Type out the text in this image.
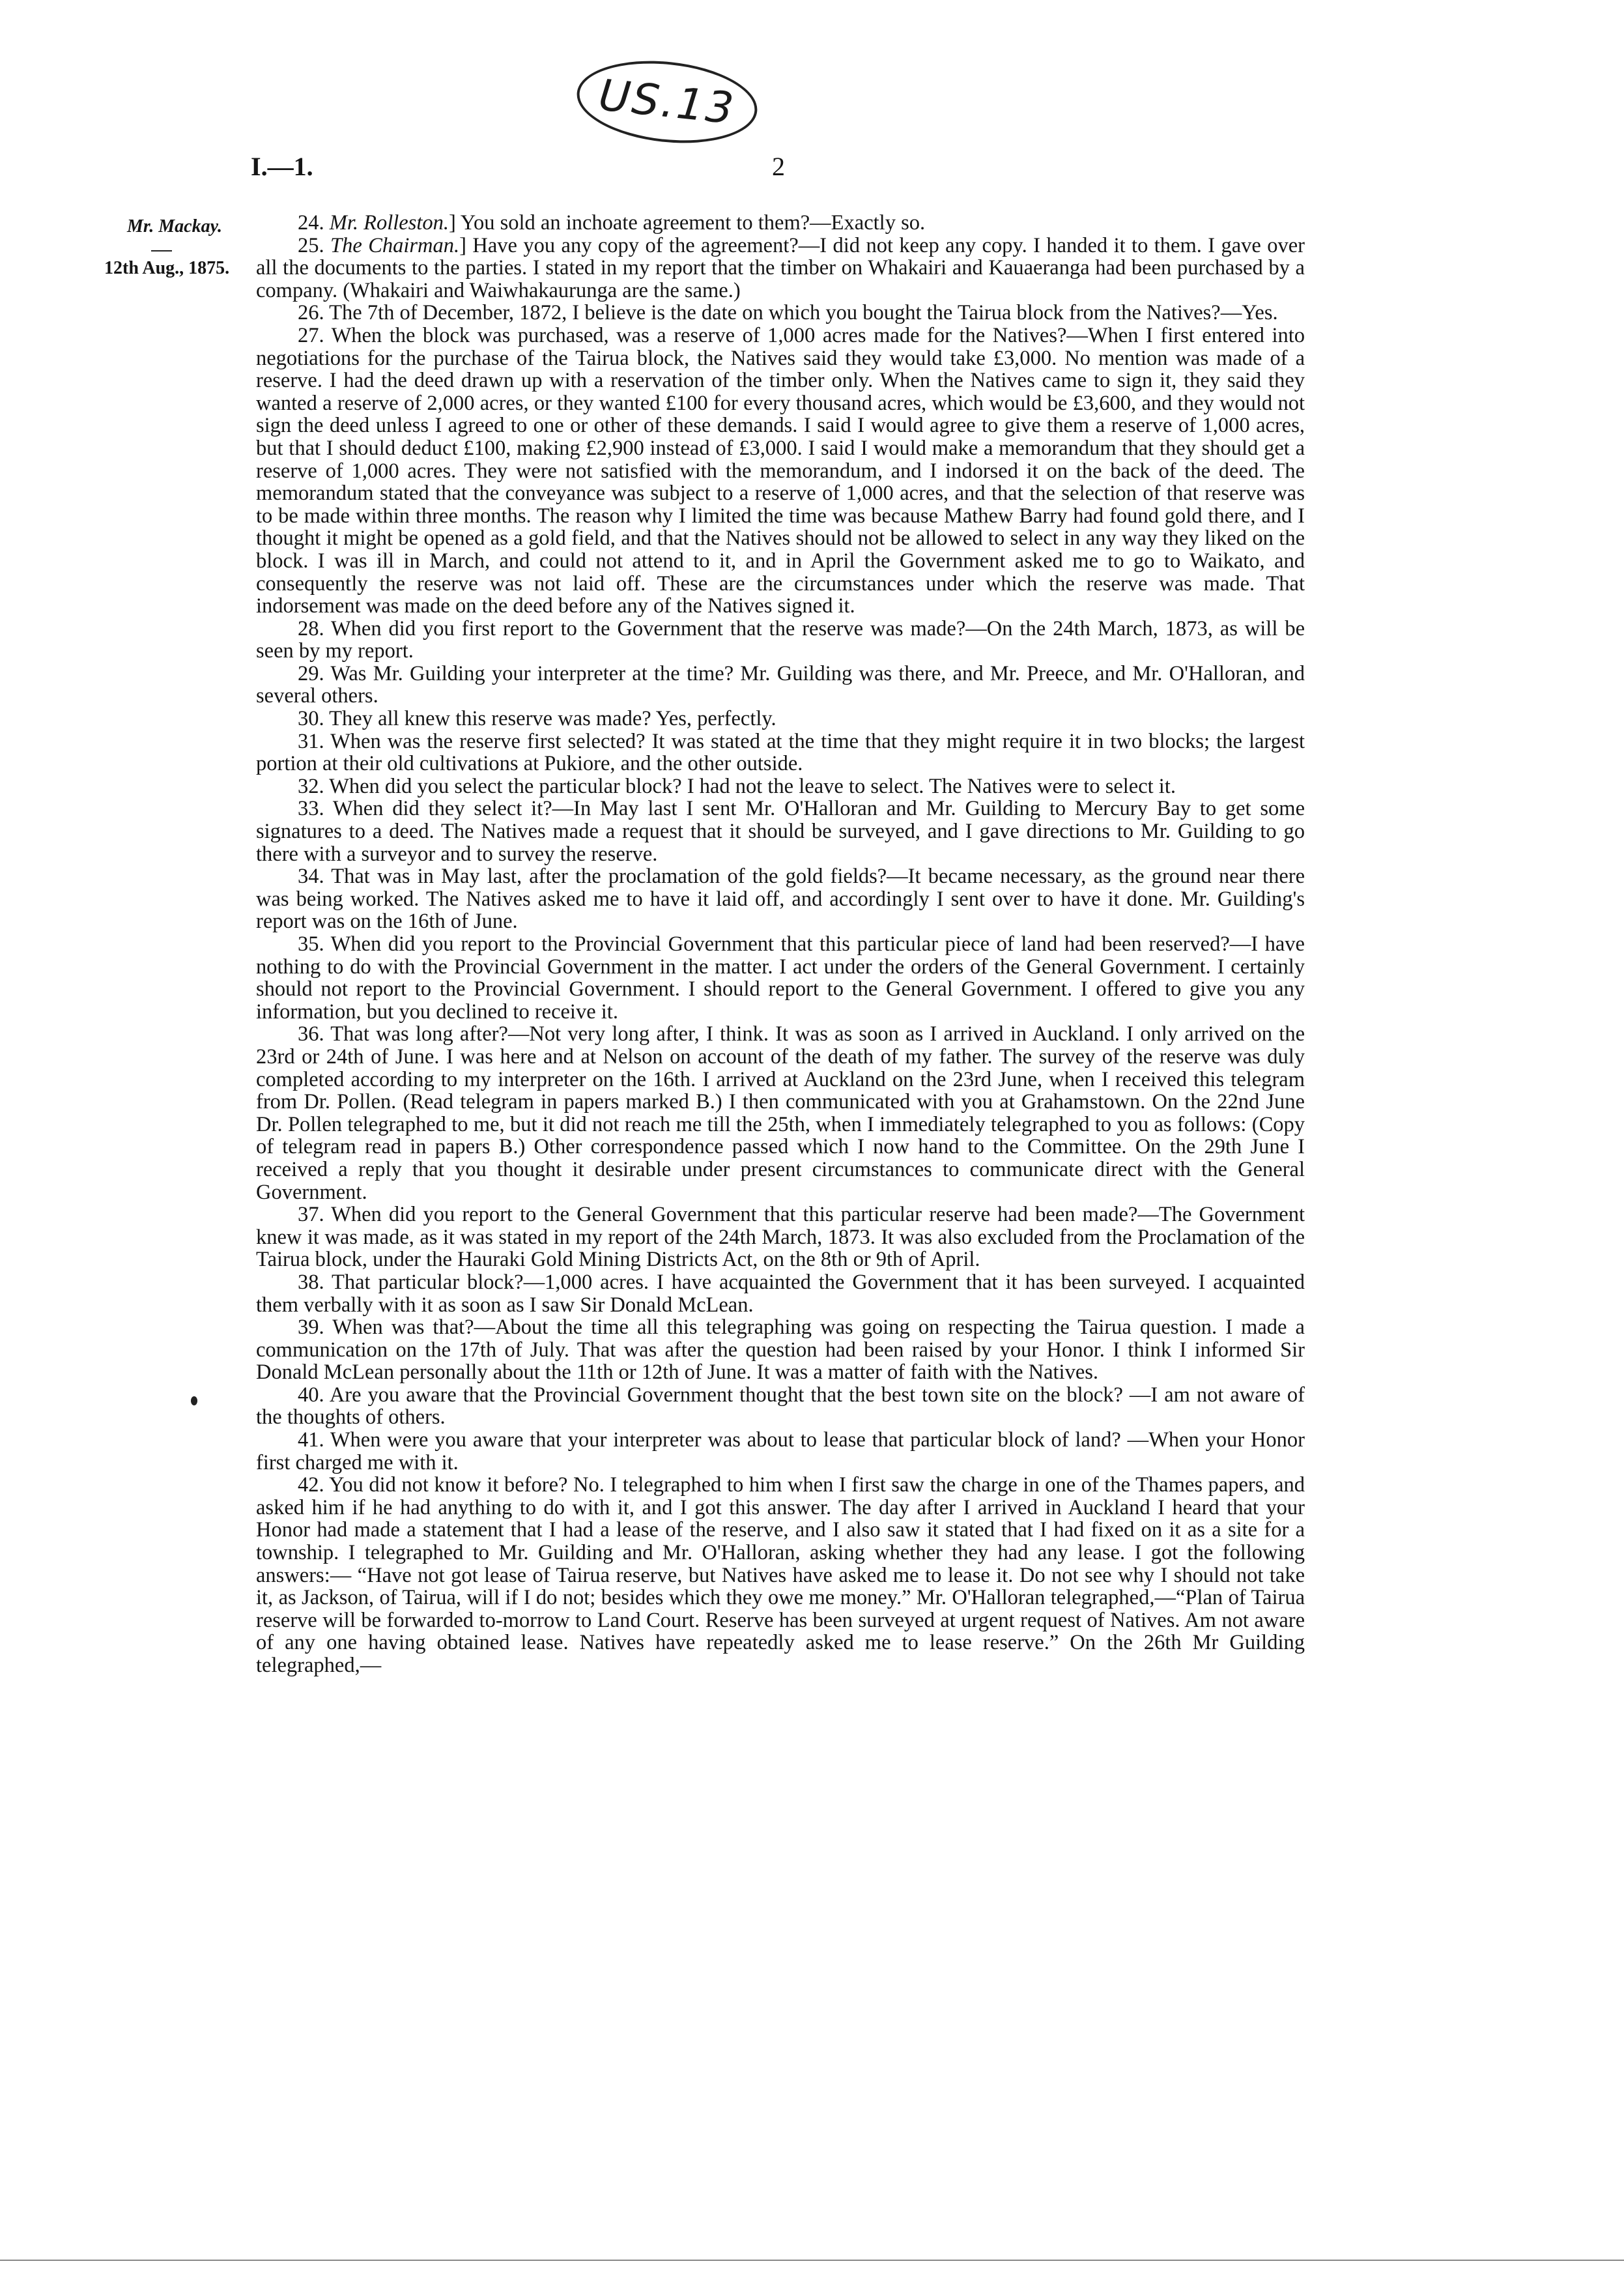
US.13
I.—1.	2
Mr. Mackay.
12th Aug., 1875.

24. Mr. Rolleston.] You sold an inchoate agreement to them?—Exactly so.

25. The Chairman.] Have you any copy of the agreement?—I did not keep any copy. I handed it to them. I gave over all the documents to the parties. I stated in my report that the timber on Whakairi and Kauaeranga had been purchased by a company. (Whakairi and Waiwhakaurunga are the same.)

26. The 7th of December, 1872, I believe is the date on which you bought the Tairua block from the Natives?—Yes.

27. When the block was purchased, was a reserve of 1,000 acres made for the Natives?—When I first entered into negotiations for the purchase of the Tairua block, the Natives said they would take £3,000. No mention was made of a reserve. I had the deed drawn up with a reservation of the timber only. When the Natives came to sign it, they said they wanted a reserve of 2,000 acres, or they wanted £100 for every thousand acres, which would be £3,600, and they would not sign the deed unless I agreed to one or other of these demands. I said I would agree to give them a reserve of 1,000 acres, but that I should deduct £100, making £2,900 instead of £3,000. I said I would make a memorandum that they should get a reserve of 1,000 acres. They were not satisfied with the memorandum, and I indorsed it on the back of the deed. The memorandum stated that the conveyance was subject to a reserve of 1,000 acres, and that the selection of that reserve was to be made within three months. The reason why I limited the time was because Mathew Barry had found gold there, and I thought it might be opened as a gold field, and that the Natives should not be allowed to select in any way they liked on the block. I was ill in March, and could not attend to it, and in April the Government asked me to go to Waikato, and consequently the reserve was not laid off. These are the circumstances under which the reserve was made. That indorsement was made on the deed before any of the Natives signed it.

28. When did you first report to the Government that the reserve was made?—On the 24th March, 1873, as will be seen by my report.

29. Was Mr. Guilding your interpreter at the time? Mr. Guilding was there, and Mr. Preece, and Mr. O'Halloran, and several others.

30. They all knew this reserve was made? Yes, perfectly.

31. When was the reserve first selected? It was stated at the time that they might require it in two blocks; the largest portion at their old cultivations at Pukiore, and the other outside.

32. When did you select the particular block? I had not the leave to select. The Natives were to select it.

33. When did they select it?—In May last I sent Mr. O'Halloran and Mr. Guilding to Mercury Bay to get some signatures to a deed. The Natives made a request that it should be surveyed, and I gave directions to Mr. Guilding to go there with a surveyor and to survey the reserve.

34. That was in May last, after the proclamation of the gold fields?—It became necessary, as the ground near there was being worked. The Natives asked me to have it laid off, and accordingly I sent over to have it done. Mr. Guilding's report was on the 16th of June.

35. When did you report to the Provincial Government that this particular piece of land had been reserved?—I have nothing to do with the Provincial Government in the matter. I act under the orders of the General Government. I certainly should not report to the Provincial Government. I should report to the General Government. I offered to give you any information, but you declined to receive it.

36. That was long after?—Not very long after, I think. It was as soon as I arrived in Auckland. I only arrived on the 23rd or 24th of June. I was here and at Nelson on account of the death of my father. The survey of the reserve was duly completed according to my interpreter on the 16th. I arrived at Auckland on the 23rd June, when I received this telegram from Dr. Pollen. (Read telegram in papers marked B.) I then communicated with you at Grahamstown. On the 22nd June Dr. Pollen telegraphed to me, but it did not reach me till the 25th, when I immediately telegraphed to you as follows: (Copy of telegram read in papers B.) Other correspondence passed which I now hand to the Committee. On the 29th June I received a reply that you thought it desirable under present circumstances to communicate direct with the General Government.

37. When did you report to the General Government that this particular reserve had been made?—The Government knew it was made, as it was stated in my report of the 24th March, 1873. It was also excluded from the Proclamation of the Tairua block, under the Hauraki Gold Mining Districts Act, on the 8th or 9th of April.

38. That particular block?—1,000 acres. I have acquainted the Government that it has been surveyed. I acquainted them verbally with it as soon as I saw Sir Donald McLean.

39. When was that?—About the time all this telegraphing was going on respecting the Tairua question. I made a communication on the 17th of July. That was after the question had been raised by your Honor. I think I informed Sir Donald McLean personally about the 11th or 12th of June. It was a matter of faith with the Natives.

40. Are you aware that the Provincial Government thought that the best town site on the block? —I am not aware of the thoughts of others.

41. When were you aware that your interpreter was about to lease that particular block of land? —When your Honor first charged me with it.

42. You did not know it before? No. I telegraphed to him when I first saw the charge in one of the Thames papers, and asked him if he had anything to do with it, and I got this answer. The day after I arrived in Auckland I heard that your Honor had made a statement that I had a lease of the reserve, and I also saw it stated that I had fixed on it as a site for a township. I telegraphed to Mr. Guilding and Mr. O'Halloran, asking whether they had any lease. I got the following answers:— “Have not got lease of Tairua reserve, but Natives have asked me to lease it. Do not see why I should not take it, as Jackson, of Tairua, will if I do not; besides which they owe me money.” Mr. O'Halloran telegraphed,—“Plan of Tairua reserve will be forwarded to-morrow to Land Court. Reserve has been surveyed at urgent request of Natives. Am not aware of any one having obtained lease. Natives have repeatedly asked me to lease reserve.” On the 26th Mr Guilding telegraphed,—
